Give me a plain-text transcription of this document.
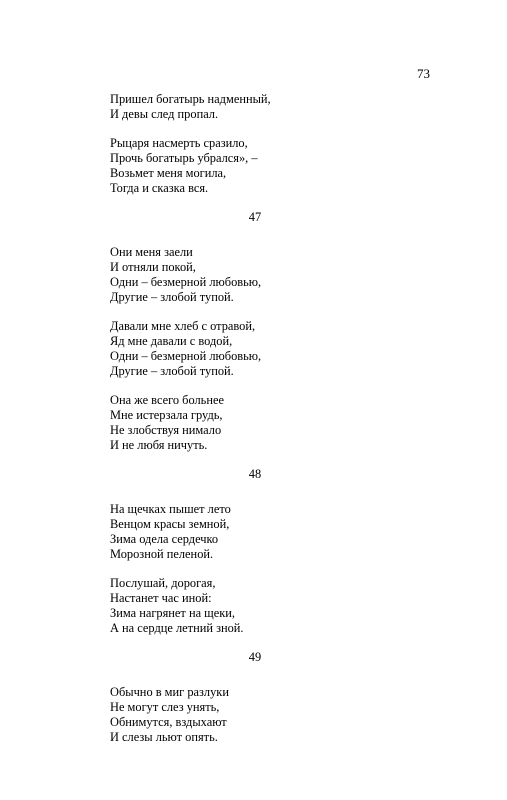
73
Пришел богатырь надменный,
И девы след пропал.
Рыцаря насмерть сразило,
Прочь богатырь убрался», –
Возьмет меня могила,
Тогда и сказка вся.
47
Они меня заели
И отняли покой,
Одни – безмерной любовью,
Другие – злобой тупой.
Давали мне хлеб с отравой,
Яд мне давали с водой,
Одни – безмерной любовью,
Другие – злобой тупой.
Она же всего больнее
Мне истерзала грудь,
Не злобствуя нимало
И не любя ничуть.
48
На щечках пышет лето
Венцом красы земной,
Зима одела сердечко
Морозной пеленой.
Послушай, дорогая,
Настанет час иной:
Зима нагрянет на щеки,
А на сердце летний зной.
49
Обычно в миг разлуки
Не могут слез унять,
Обнимутся, вздыхают
И слезы льют опять.
